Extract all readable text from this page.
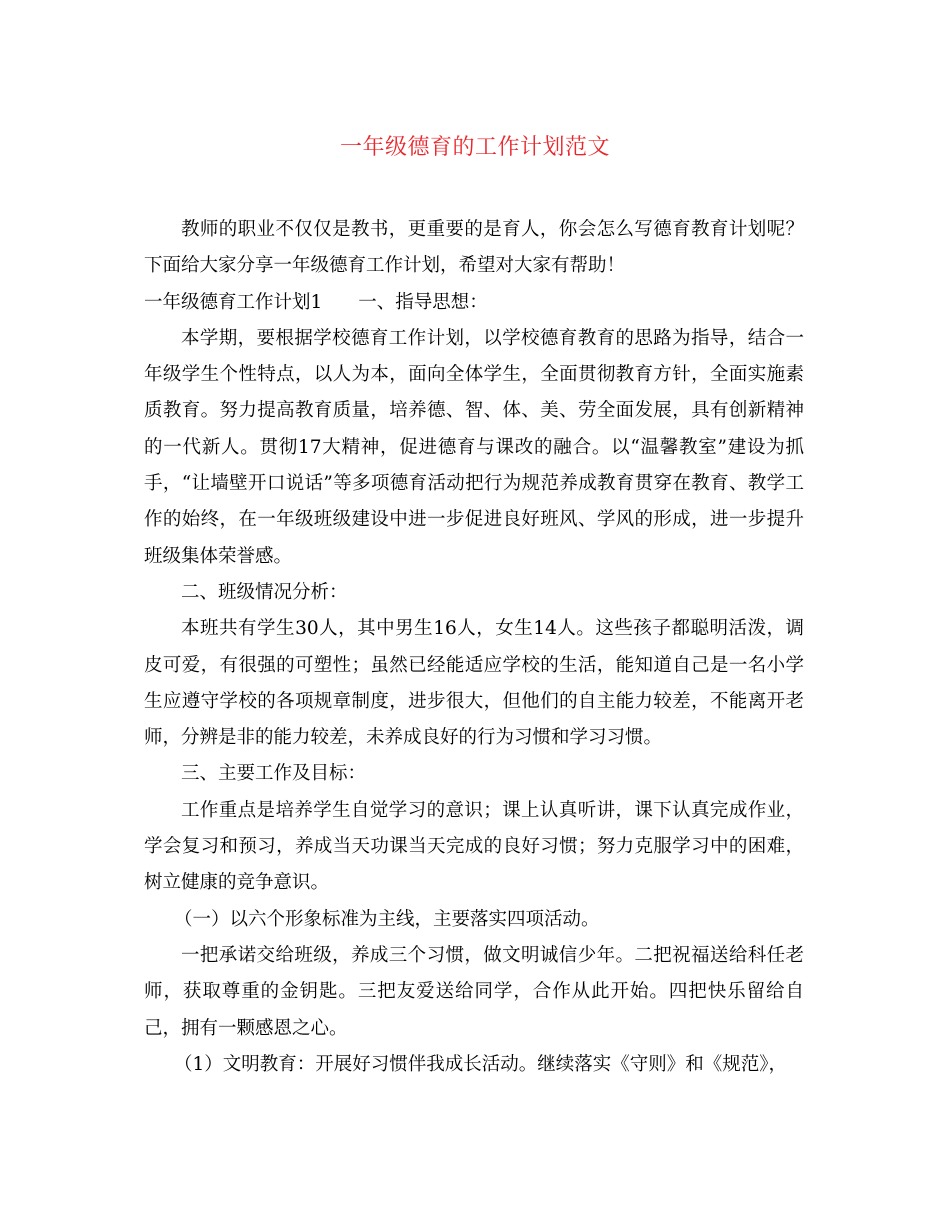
一年级德育的工作计划范文

教师的职业不仅仅是教书，更重要的是育人，你会怎么写德育教育计划呢？下面给大家分享一年级德育工作计划，希望对大家有帮助！

一年级德育工作计划1 一、指导思想：

本学期，要根据学校德育工作计划，以学校德育教育的思路为指导，结合一年级学生个性特点，以人为本，面向全体学生，全面贯彻教育方针，全面实施素质教育。努力提高教育质量，培养德、智、体、美、劳全面发展，具有创新精神的一代新人。贯彻17大精神，促进德育与课改的融合。以“温馨教室”建设为抓手，“让墙壁开口说话”等多项德育活动把行为规范养成教育贯穿在教育、教学工作的始终，在一年级班级建设中进一步促进良好班风、学风的形成，进一步提升班级集体荣誉感。

二、班级情况分析：

本班共有学生30人，其中男生16人，女生14人。这些孩子都聪明活泼，调皮可爱，有很强的可塑性；虽然已经能适应学校的生活，能知道自己是一名小学生应遵守学校的各项规章制度，进步很大，但他们的自主能力较差，不能离开老师，分辨是非的能力较差，未养成良好的行为习惯和学习习惯。

三、主要工作及目标：

工作重点是培养学生自觉学习的意识；课上认真听讲，课下认真完成作业，学会复习和预习，养成当天功课当天完成的良好习惯；努力克服学习中的困难，树立健康的竞争意识。

（一）以六个形象标准为主线，主要落实四项活动。

一把承诺交给班级，养成三个习惯，做文明诚信少年。二把祝福送给科任老师，获取尊重的金钥匙。三把友爱送给同学，合作从此开始。四把快乐留给自己，拥有一颗感恩之心。

（1）文明教育：开展好习惯伴我成长活动。继续落实《守则》和《规范》，
